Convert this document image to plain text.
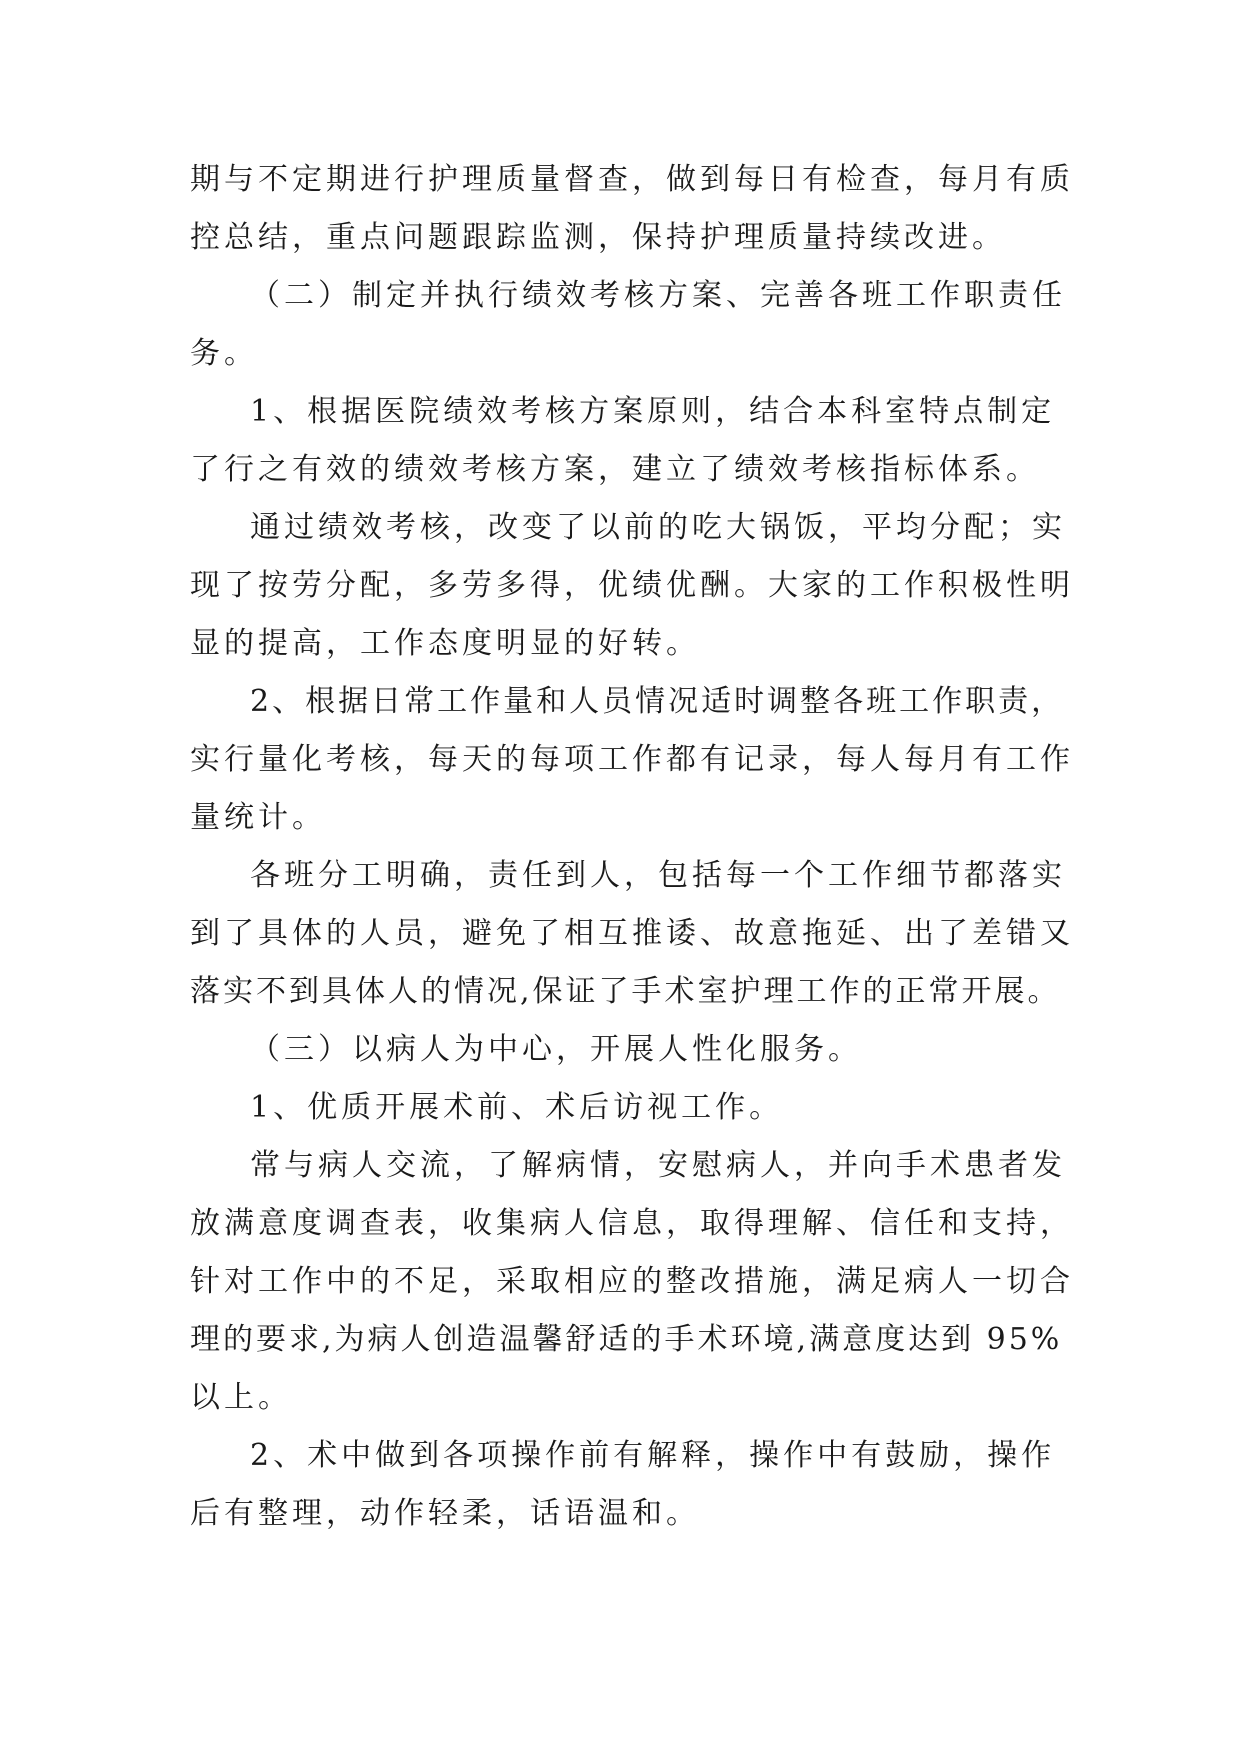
期与不定期进行护理质量督查，做到每日有检查，每月有质
控总结，重点问题跟踪监测，保持护理质量持续改进。
（二）制定并执行绩效考核方案、完善各班工作职责任
务。
1、根据医院绩效考核方案原则，结合本科室特点制定
了行之有效的绩效考核方案，建立了绩效考核指标体系。
通过绩效考核，改变了以前的吃大锅饭，平均分配；实
现了按劳分配，多劳多得，优绩优酬。大家的工作积极性明
显的提高，工作态度明显的好转。
2、根据日常工作量和人员情况适时调整各班工作职责，
实行量化考核，每天的每项工作都有记录，每人每月有工作
量统计。
各班分工明确，责任到人，包括每一个工作细节都落实
到了具体的人员，避免了相互推诿、故意拖延、出了差错又
落实不到具体人的情况,保证了手术室护理工作的正常开展。
（三）以病人为中心，开展人性化服务。
1、优质开展术前、术后访视工作。
常与病人交流，了解病情，安慰病人，并向手术患者发
放满意度调查表，收集病人信息，取得理解、信任和支持，
针对工作中的不足，采取相应的整改措施，满足病人一切合
理的要求,为病人创造温馨舒适的手术环境,满意度达到 95%
以上。
2、术中做到各项操作前有解释，操作中有鼓励，操作
后有整理，动作轻柔，话语温和。
